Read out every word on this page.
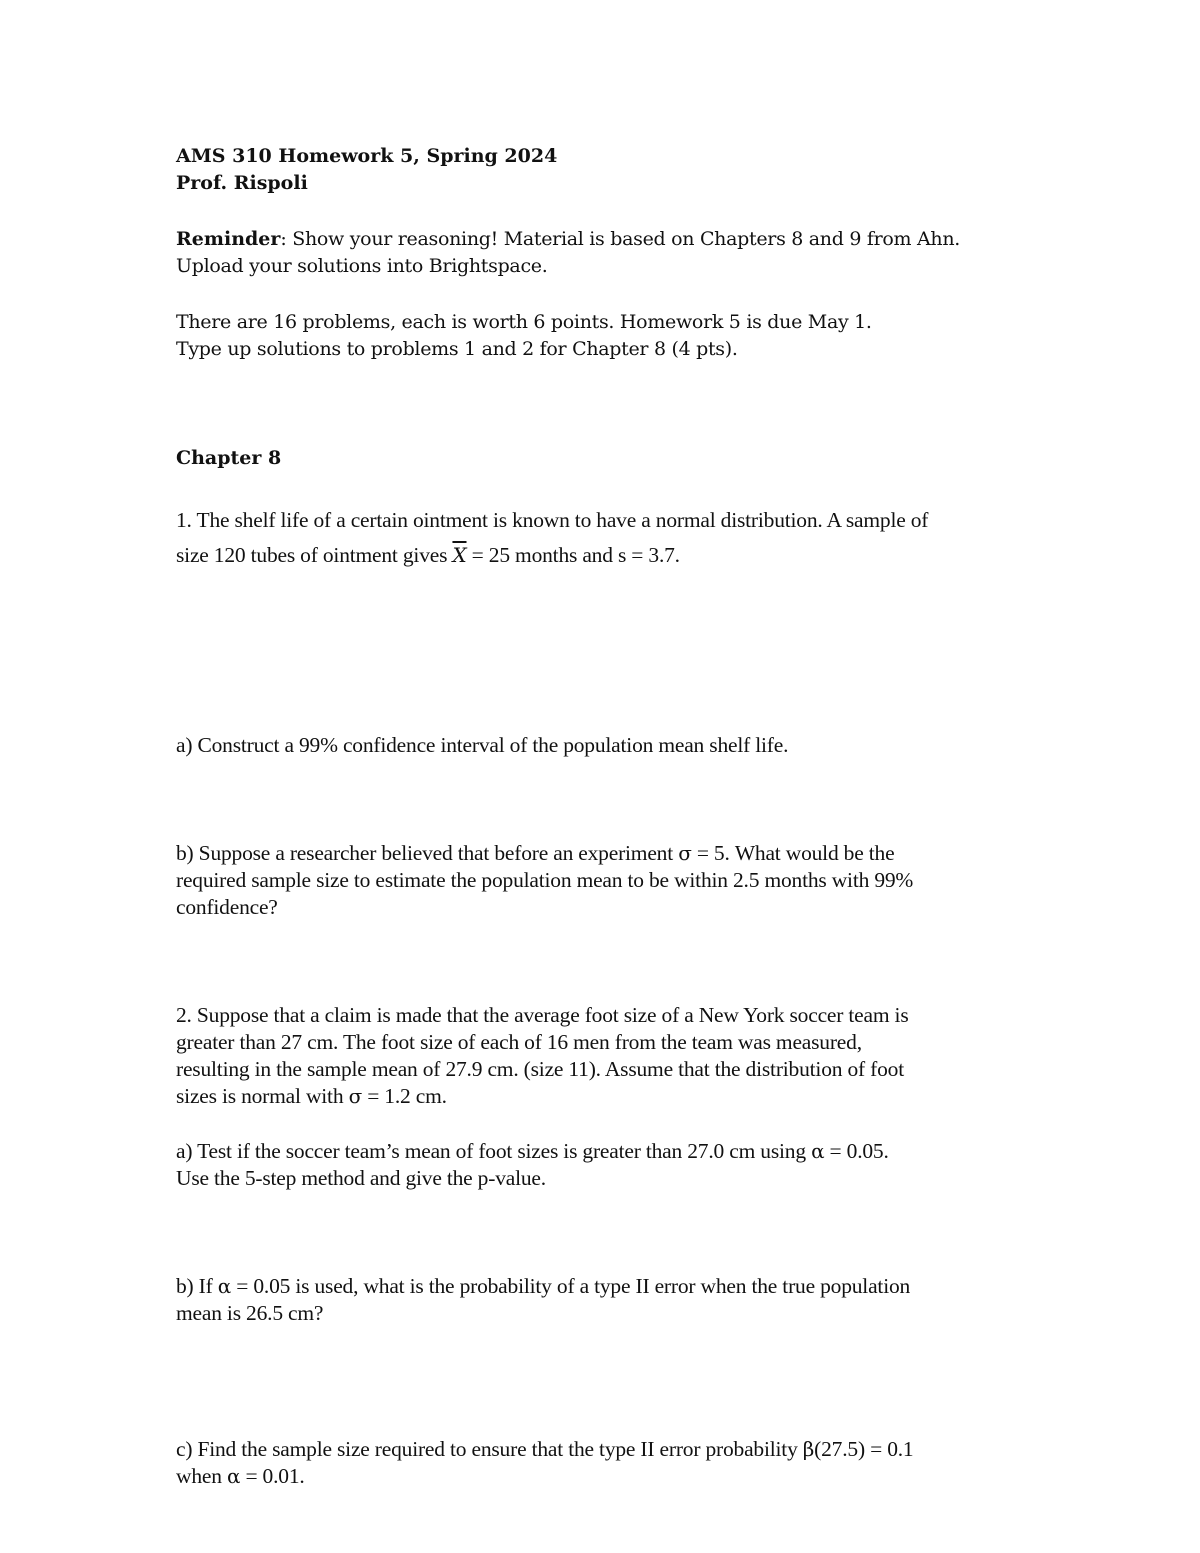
AMS 310 Homework 5, Spring 2024
Prof. Rispoli
Reminder: Show your reasoning! Material is based on Chapters 8 and 9 from Ahn.
Upload your solutions into Brightspace.
There are 16 problems, each is worth 6 points. Homework 5 is due May 1.
Type up solutions to problems 1 and 2 for Chapter 8 (4 pts).
Chapter 8
1. The shelf life of a certain ointment is known to have a normal distribution. A sample of
size 120 tubes of ointment gives $\overline{X} = 25$ months and s = 3.7.
a) Construct a 99% confidence interval of the population mean shelf life.
b) Suppose a researcher believed that before an experiment σ = 5. What would be the
required sample size to estimate the population mean to be within 2.5 months with 99%
confidence?
2. Suppose that a claim is made that the average foot size of a New York soccer team is
greater than 27 cm. The foot size of each of 16 men from the team was measured,
resulting in the sample mean of 27.9 cm. (size 11). Assume that the distribution of foot
sizes is normal with σ = 1.2 cm.
a) Test if the soccer team’s mean of foot sizes is greater than 27.0 cm using α = 0.05.
Use the 5-step method and give the p-value.
b) If α = 0.05 is used, what is the probability of a type II error when the true population
mean is 26.5 cm?
c) Find the sample size required to ensure that the type II error probability β(27.5) = 0.1
when α = 0.01.
